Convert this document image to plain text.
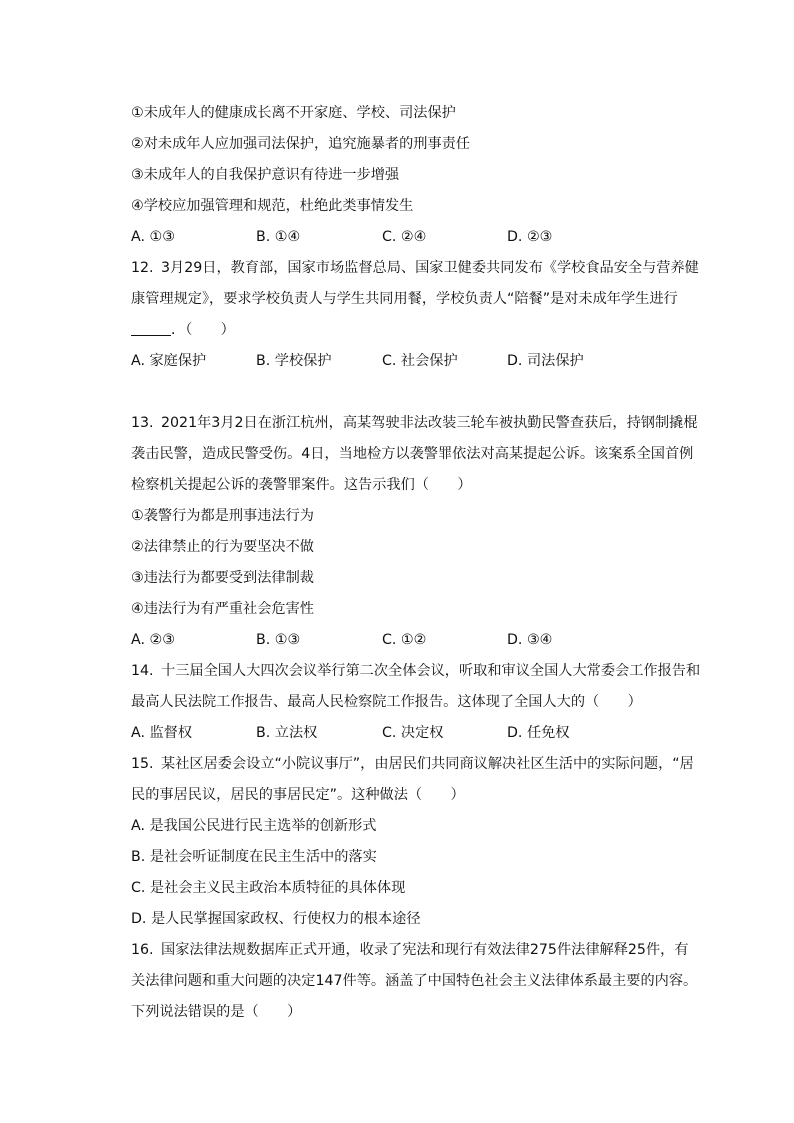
①未成年人的健康成长离不开家庭、学校、司法保护
②对未成年人应加强司法保护，追究施暴者的刑事责任
③未成年人的自我保护意识有待进一步增强
④学校应加强管理和规范，杜绝此类事情发生
A. ①③	B. ①④	C. ②④	D. ②③
12. 3月29日，教育部，国家市场监督总局、国家卫健委共同发布《学校食品安全与营养健
康管理规定》，要求学校负责人与学生共同用餐，学校负责人“陪餐”是对未成年学生进行
．（　　）
A. 家庭保护	B. 学校保护	C. 社会保护	D. 司法保护
13. 2021年3月2日在浙江杭州，高某驾驶非法改装三轮车被执勤民警查获后，持钢制撬棍
袭击民警，造成民警受伤。4日，当地检方以袭警罪依法对高某提起公诉。该案系全国首例
检察机关提起公诉的袭警罪案件。这告示我们（　　）
①袭警行为都是刑事违法行为
②法律禁止的行为要坚决不做
③违法行为都要受到法律制裁
④违法行为有严重社会危害性
A. ②③	B. ①③	C. ①②	D. ③④
14. 十三届全国人大四次会议举行第二次全体会议，听取和审议全国人大常委会工作报告和
最高人民法院工作报告、最高人民检察院工作报告。这体现了全国人大的（　　）
A. 监督权	B. 立法权	C. 决定权	D. 任免权
15. 某社区居委会设立“小院议事厅”，由居民们共同商议解决社区生活中的实际问题，“居
民的事居民议，居民的事居民定”。这种做法（　　）
A. 是我国公民进行民主选举的创新形式
B. 是社会听证制度在民主生活中的落实
C. 是社会主义民主政治本质特征的具体体现
D. 是人民掌握国家政权、行使权力的根本途径
16. 国家法律法规数据库正式开通，收录了宪法和现行有效法律275件法律解释25件，有
关法律问题和重大问题的决定147件等。涵盖了中国特色社会主义法律体系最主要的内容。
下列说法错误的是（　　）
